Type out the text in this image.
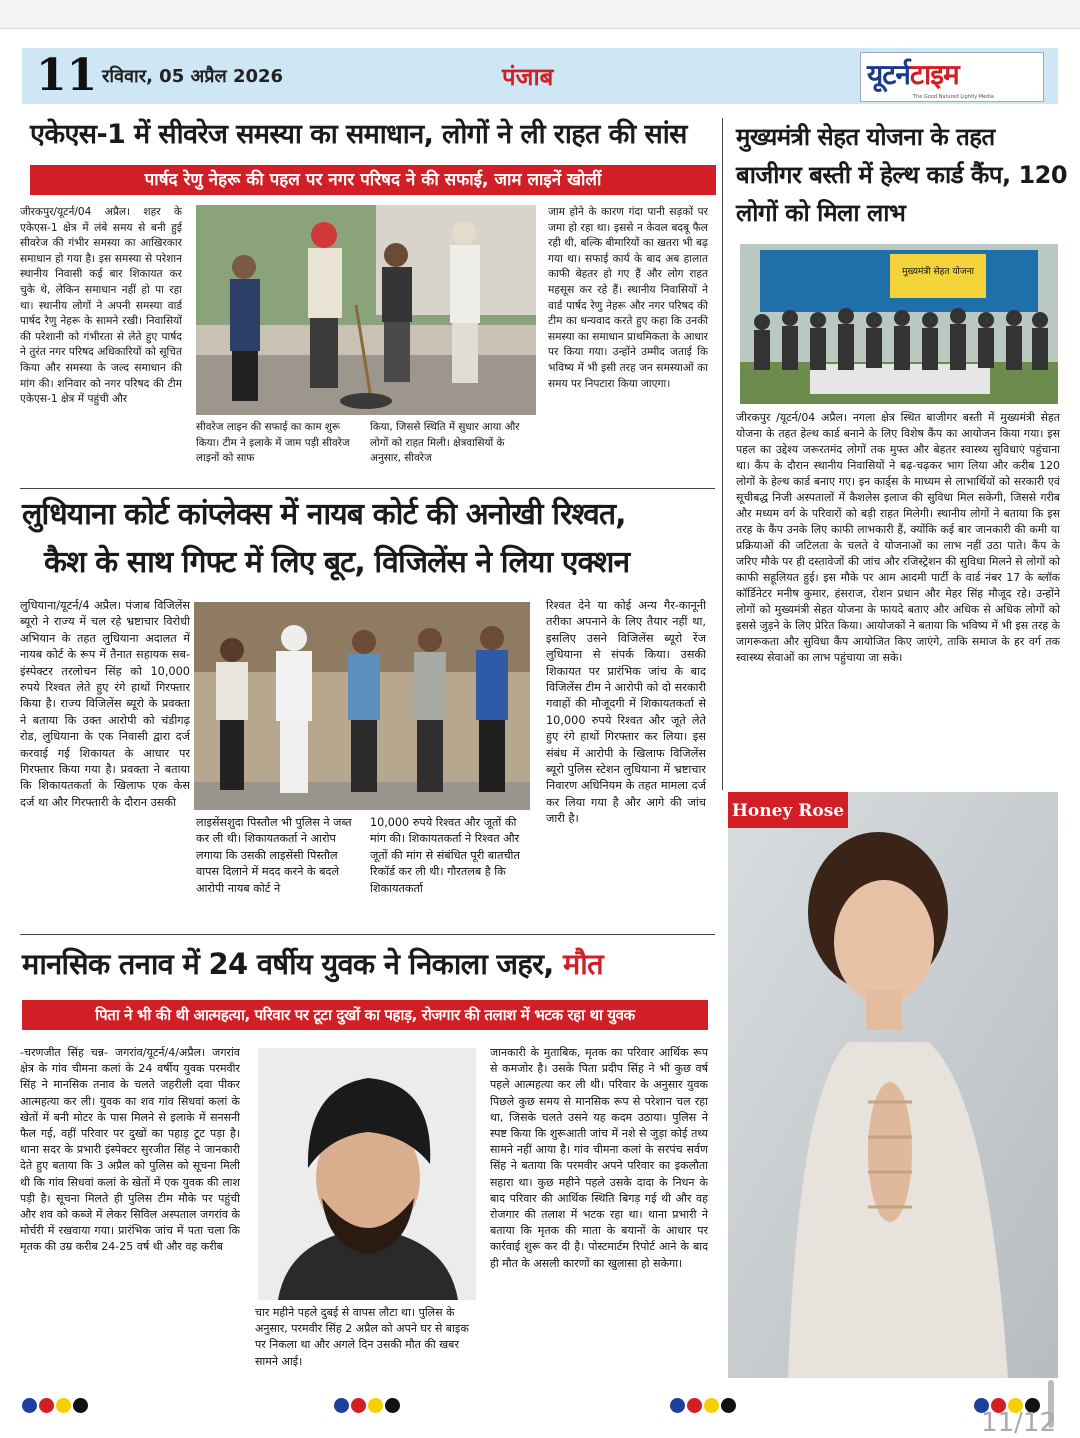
11 रविवार, 05 अप्रैल 2026	पंजाब	यूटर्नटाइम
The Good Natured Lightly Media
एकेएस-1 में सीवरेज समस्या का समाधान, लोगों ने ली राहत की सांस
पार्षद रेणु नेहरू की पहल पर नगर परिषद ने की सफाई, जाम लाइनें खोलीं
जीरकपुर/यूटर्न/04 अप्रैल। शहर के एकेएस-1 क्षेत्र में लंबे समय से बनी हुई सीवरेज की गंभीर समस्या का आखिरकार समाधान हो गया है। इस समस्या से परेशान स्थानीय निवासी कई बार शिकायत कर चुके थे, लेकिन समाधान नहीं हो पा रहा था। स्थानीय लोगों ने अपनी समस्या वार्ड पार्षद रेणु नेहरू के सामने रखी। निवासियों की परेशानी को गंभीरता से लेते हुए पार्षद ने तुरंत नगर परिषद अधिकारियों को सूचित किया और समस्या के जल्द समाधान की मांग की। शनिवार को नगर परिषद की टीम एकेएस-1 क्षेत्र में पहुंची और
सीवरेज लाइन की सफाई का काम शुरू किया। टीम ने इलाके में जाम पड़ी सीवरेज लाइनों को साफ
किया, जिससे स्थिति में सुधार आया और लोगों को राहत मिली। क्षेत्रवासियों के अनुसार, सीवरेज
जाम होने के कारण गंदा पानी सड़कों पर जमा हो रहा था। इससे न केवल बदबू फैल रही थी, बल्कि बीमारियों का खतरा भी बढ़ गया था। सफाई कार्य के बाद अब हालात काफी बेहतर हो गए हैं और लोग राहत महसूस कर रहे हैं। स्थानीय निवासियों ने वार्ड पार्षद रेणु नेहरू और नगर परिषद की टीम का धन्यवाद करते हुए कहा कि उनकी समस्या का समाधान प्राथमिकता के आधार पर किया गया। उन्होंने उम्मीद जताई कि भविष्य में भी इसी तरह जन समस्याओं का समय पर निपटारा किया जाएगा।
मुख्यमंत्री सेहत योजना के तहत
बाजीगर बस्ती में हेल्थ कार्ड कैंप, 120
लोगों को मिला लाभ
मुख्यमंत्री सेहत योजना
जीरकपुर /यूटर्न/04 अप्रैल। नगला क्षेत्र स्थित बाजीगर बस्ती में मुख्यमंत्री सेहत योजना के तहत हेल्थ कार्ड बनाने के लिए विशेष कैंप का आयोजन किया गया। इस पहल का उद्देश्य जरूरतमंद लोगों तक मुफ्त और बेहतर स्वास्थ्य सुविधाएं पहुंचाना था। कैंप के दौरान स्थानीय निवासियों ने बढ़-चढ़कर भाग लिया और करीब 120 लोगों के हेल्थ कार्ड बनाए गए। इन कार्ड्स के माध्यम से लाभार्थियों को सरकारी एवं सूचीबद्ध निजी अस्पतालों में कैशलेस इलाज की सुविधा मिल सकेगी, जिससे गरीब और मध्यम वर्ग के परिवारों को बड़ी राहत मिलेगी। स्थानीय लोगों ने बताया कि इस तरह के कैंप उनके लिए काफी लाभकारी हैं, क्योंकि कई बार जानकारी की कमी या प्रक्रियाओं की जटिलता के चलते वे योजनाओं का लाभ नहीं उठा पाते। कैंप के जरिए मौके पर ही दस्तावेजों की जांच और रजिस्ट्रेशन की सुविधा मिलने से लोगों को काफी सहूलियत हुई। इस मौके पर आम आदमी पार्टी के वार्ड नंबर 17 के ब्लॉक कॉर्डिनेटर मनीष कुमार, हंसराज, रोशन प्रधान और मेहर सिंह मौजूद रहे। उन्होंने लोगों को मुख्यमंत्री सेहत योजना के फायदे बताए और अधिक से अधिक लोगों को इससे जुड़ने के लिए प्रेरित किया। आयोजकों ने बताया कि भविष्य में भी इस तरह के जागरूकता और सुविधा कैंप आयोजित किए जाएंगे, ताकि समाज के हर वर्ग तक स्वास्थ्य सेवाओं का लाभ पहुंचाया जा सके।
लुधियाना कोर्ट कांप्लेक्स में नायब कोर्ट की अनोखी रिश्वत,
कैश के साथ गिफ्ट में लिए बूट, विजिलेंस ने लिया एक्शन
लुधियाना/यूटर्न/4 अप्रैल। पंजाब विजिलेंस ब्यूरो ने राज्य में चल रहे भ्रष्टाचार विरोधी अभियान के तहत लुधियाना अदालत में नायब कोर्ट के रूप में तैनात सहायक सब-इंस्पेक्टर तरलोचन सिंह को 10,000 रुपये रिश्वत लेते हुए रंगे हाथों गिरफ्तार किया है। राज्य विजिलेंस ब्यूरो के प्रवक्ता ने बताया कि उक्त आरोपी को चंडीगढ़ रोड, लुधियाना के एक निवासी द्वारा दर्ज करवाई गई शिकायत के आधार पर गिरफ्तार किया गया है। प्रवक्ता ने बताया कि शिकायतकर्ता के खिलाफ एक केस दर्ज था और गिरफ्तारी के दौरान उसकी
लाइसेंसशुदा पिस्तौल भी पुलिस ने जब्त कर ली थी। शिकायतकर्ता ने आरोप लगाया कि उसकी लाइसेंसी पिस्तौल वापस दिलाने में मदद करने के बदले आरोपी नायब कोर्ट ने
10,000 रुपये रिश्वत और जूतों की मांग की। शिकायतकर्ता ने रिश्वत और जूतों की मांग से संबंधित पूरी बातचीत रिकॉर्ड कर ली थी। गौरतलब है कि शिकायतकर्ता
रिश्वत देने या कोई अन्य गैर-कानूनी तरीका अपनाने के लिए तैयार नहीं था, इसलिए उसने विजिलेंस ब्यूरो रेंज लुधियाना से संपर्क किया। उसकी शिकायत पर प्रारंभिक जांच के बाद विजिलेंस टीम ने आरोपी को दो सरकारी गवाहों की मौजूदगी में शिकायतकर्ता से 10,000 रुपये रिश्वत और जूते लेते हुए रंगे हाथों गिरफ्तार कर लिया। इस संबंध में आरोपी के खिलाफ विजिलेंस ब्यूरो पुलिस स्टेशन लुधियाना में भ्रष्टाचार निवारण अधिनियम के तहत मामला दर्ज कर लिया गया है और आगे की जांच जारी है।	Honey Rose
मानसिक तनाव में 24 वर्षीय युवक ने निकाला जहर, मौत
पिता ने भी की थी आत्महत्या, परिवार पर टूटा दुखों का पहाड़, रोजगार की तलाश में भटक रहा था युवक
-चरणजीत सिंह चन्न- जगरांव/यूटर्न/4/अप्रैल। जगरांव क्षेत्र के गांव चीमना कलां के 24 वर्षीय युवक परमवीर सिंह ने मानसिक तनाव के चलते जहरीली दवा पीकर आत्महत्या कर ली। युवक का शव गांव सिधवां कलां के खेतों में बनी मोटर के पास मिलने से इलाके में सनसनी फैल गई, वहीं परिवार पर दुखों का पहाड़ टूट पड़ा है। थाना सदर के प्रभारी इंस्पेक्टर सुरजीत सिंह ने जानकारी देते हुए बताया कि 3 अप्रैल को पुलिस को सूचना मिली थी कि गांव सिधवां कलां के खेतों में एक युवक की लाश पड़ी है। सूचना मिलते ही पुलिस टीम मौके पर पहुंची और शव को कब्जे में लेकर सिविल अस्पताल जगरांव के मोर्चरी में रखवाया गया। प्रारंभिक जांच में पता चला कि मृतक की उम्र करीब 24-25 वर्ष थी और वह करीब
चार महीने पहले दुबई से वापस लौटा था। पुलिस के अनुसार, परमवीर सिंह 2 अप्रैल को अपने घर से बाइक पर निकला था और अगले दिन उसकी मौत की खबर सामने आई।
जानकारी के मुताबिक, मृतक का परिवार आर्थिक रूप से कमजोर है। उसके पिता प्रदीप सिंह ने भी कुछ वर्ष पहले आत्महत्या कर ली थी। परिवार के अनुसार युवक पिछले कुछ समय से मानसिक रूप से परेशान चल रहा था, जिसके चलते उसने यह कदम उठाया। पुलिस ने स्पष्ट किया कि शुरूआती जांच में नशे से जुड़ा कोई तथ्य सामने नहीं आया है। गांव चीमना कलां के सरपंच सर्वण सिंह ने बताया कि परमवीर अपने परिवार का इकलौता सहारा था। कुछ महीने पहले उसके दादा के निधन के बाद परिवार की आर्थिक स्थिति बिगड़ गई थी और वह रोजगार की तलाश में भटक रहा था। थाना प्रभारी ने बताया कि मृतक की माता के बयानों के आधार पर कार्रवाई शुरू कर दी है। पोस्टमार्टम रिपोर्ट आने के बाद ही मौत के असली कारणों का खुलासा हो सकेगा।
11/12
